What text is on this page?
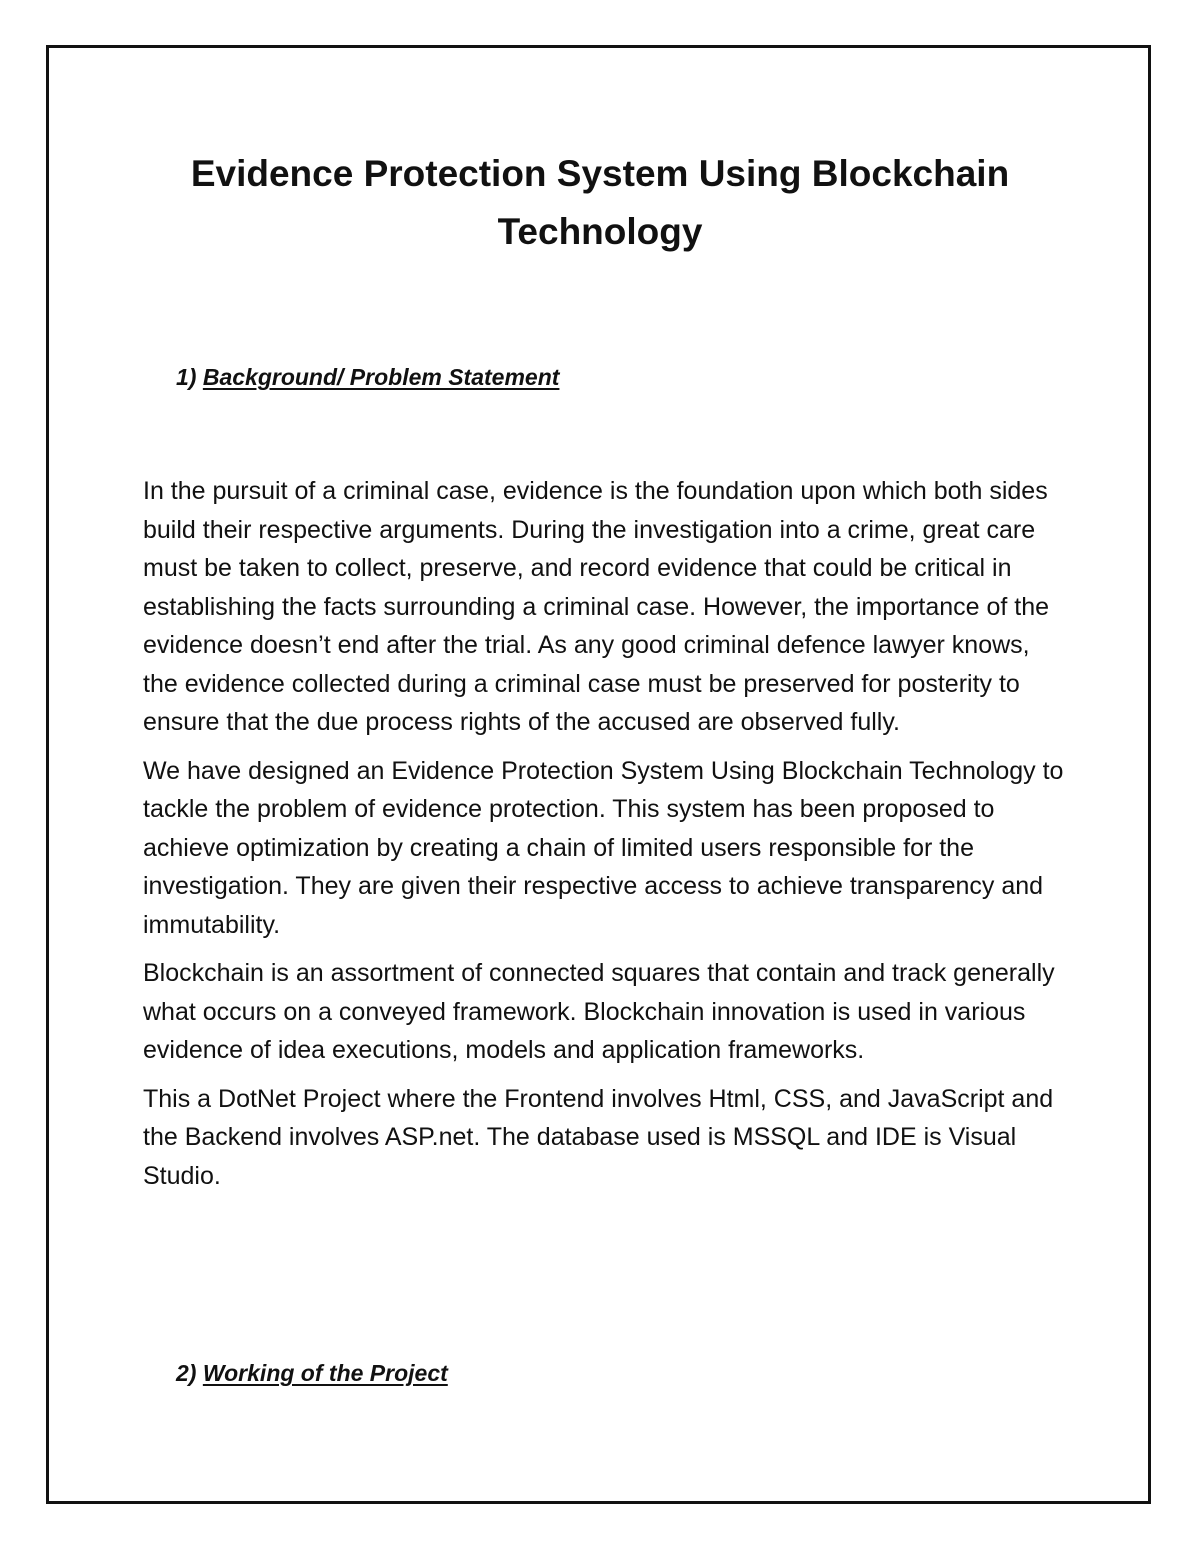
Evidence Protection System Using Blockchain
Technology
1) Background/ Problem Statement

In the pursuit of a criminal case, evidence is the foundation upon which both sides build their respective arguments. During the investigation into a crime, great care must be taken to collect, preserve, and record evidence that could be critical in establishing the facts surrounding a criminal case. However, the importance of the evidence doesn’t end after the trial. As any good criminal defence lawyer knows, the evidence collected during a criminal case must be preserved for posterity to ensure that the due process rights of the accused are observed fully.

We have designed an Evidence Protection System Using Blockchain Technology to tackle the problem of evidence protection. This system has been proposed to achieve optimization by creating a chain of limited users responsible for the investigation. They are given their respective access to achieve transparency and immutability.

Blockchain is an assortment of connected squares that contain and track generally what occurs on a conveyed framework. Blockchain innovation is used in various evidence of idea executions, models and application frameworks.

This a DotNet Project where the Frontend involves Html, CSS, and JavaScript and the Backend involves ASP.net. The database used is MSSQL and IDE is Visual Studio.

2) Working of the Project
